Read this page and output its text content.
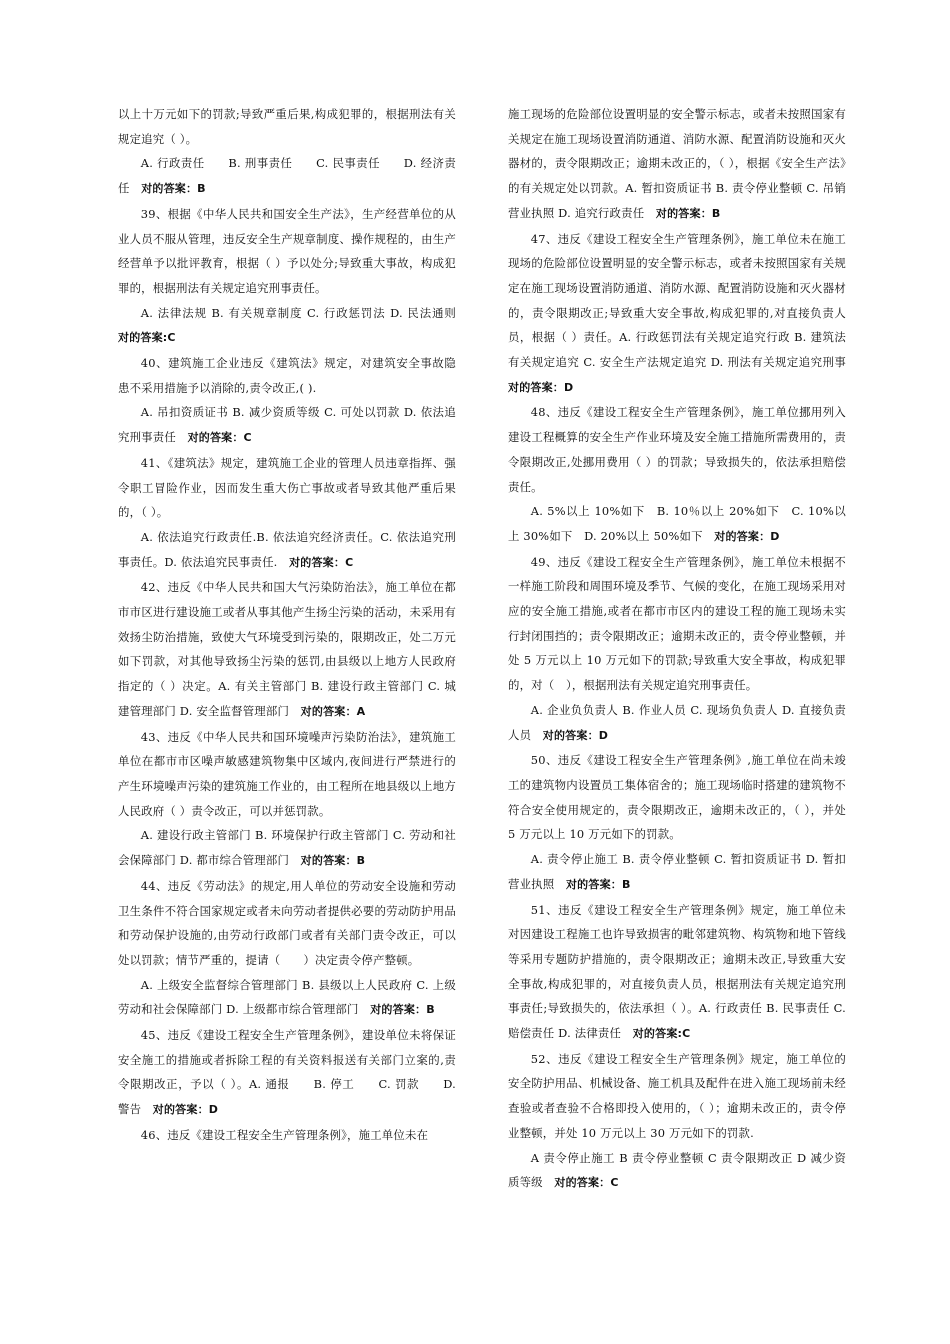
以上十万元如下的罚款;导致严重后果,构成犯罪的，根据刑法有关规定追究（ ）。

A. 行政责任　　B. 刑事责任　　C. 民事责任　　D. 经济责任　 对的答案：B

39、根据《中华人民共和国安全生产法》，生产经营单位的从业人员不服从管理，违反安全生产规章制度、操作规程的，由生产经营单予以批评教育，根据（ ）予以处分;导致重大事故，构成犯罪的，根据刑法有关规定追究刑事责任。

A. 法律法规 B. 有关规章制度 C. 行政惩罚法 D. 民法通则　对的答案:C

40、建筑施工企业违反《建筑法》规定，对建筑安全事故隐患不采用措施予以消除的,责令改正,( ).

A. 吊扣资质证书 B. 减少资质等级 C. 可处以罚款 D. 依法追究刑事责任　 对的答案：C

41、《建筑法》规定，建筑施工企业的管理人员违章指挥、强令职工冒险作业，因而发生重大伤亡事故或者导致其他严重后果的，（ ）。

A. 依法追究行政责任.B. 依法追究经济责任。C. 依法追究刑事责任。D. 依法追究民事责任.　 对的答案：C

42、违反《中华人民共和国大气污染防治法》，施工单位在都市市区进行建设施工或者从事其他产生扬尘污染的活动，未采用有效扬尘防治措施，致使大气环境受到污染的，限期改正，处二万元如下罚款，对其他导致扬尘污染的惩罚,由县级以上地方人民政府指定的（ ）决定。A. 有关主管部门 B. 建设行政主管部门 C. 城建管理部门 D. 安全监督管理部门　 对的答案：A

43、违反《中华人民共和国环境噪声污染防治法》，建筑施工单位在都市市区噪声敏感建筑物集中区域内,夜间进行严禁进行的产生环境噪声污染的建筑施工作业的，由工程所在地县级以上地方人民政府（ ）责令改正，可以并惩罚款。

A. 建设行政主管部门 B. 环境保护行政主管部门 C. 劳动和社会保障部门 D. 都市综合管理部门　 对的答案：B

44、违反《劳动法》的规定,用人单位的劳动安全设施和劳动卫生条件不符合国家规定或者未向劳动者提供必要的劳动防护用品和劳动保护设施的,由劳动行政部门或者有关部门责令改正，可以处以罚款；情节严重的，提请（　　）决定责令停产整顿。

A. 上级安全监督综合管理部门 B. 县级以上人民政府 C. 上级劳动和社会保障部门 D. 上级都市综合管理部门　 对的答案：B

45、违反《建设工程安全生产管理条例》，建设单位未将保证安全施工的措施或者拆除工程的有关资料报送有关部门立案的,责令限期改正，予以（ ）。A. 通报　　B. 停工　　C. 罚款　　D. 警告　 对的答案：D

46、违反《建设工程安全生产管理条例》，施工单位未在

施工现场的危险部位设置明显的安全警示标志，或者未按照国家有关规定在施工现场设置消防通道、消防水源、配置消防设施和灭火器材的，责令限期改正；逾期未改正的，（ ），根据《安全生产法》的有关规定处以罚款。A. 暂扣资质证书 B. 责令停业整顿 C. 吊销营业执照 D. 追究行政责任　 对的答案：B

47、违反《建设工程安全生产管理条例》，施工单位未在施工现场的危险部位设置明显的安全警示标志，或者未按照国家有关规定在施工现场设置消防通道、消防水源、配置消防设施和灭火器材的，责令限期改正;导致重大安全事故,构成犯罪的,对直接负责人员，根据（ ）责任。A. 行政惩罚法有关规定追究行政 B. 建筑法有关规定追究 C. 安全生产法规定追究 D. 刑法有关规定追究刑事　对的答案：D

48、违反《建设工程安全生产管理条例》，施工单位挪用列入建设工程概算的安全生产作业环境及安全施工措施所需费用的，责令限期改正,处挪用费用（ ）的罚款；导致损失的，依法承担赔偿责任。

A. 5%以上 10%如下　B. 10％以上 20%如下　C. 10%以上 30%如下　D. 20%以上 50%如下　 对的答案：D

49、违反《建设工程安全生产管理条例》，施工单位未根据不一样施工阶段和周围环境及季节、气候的变化，在施工现场采用对应的安全施工措施,或者在都市市区内的建设工程的施工现场未实行封闭围挡的；责令限期改正；逾期未改正的，责令停业整顿，并处 5 万元以上 10 万元如下的罚款;导致重大安全事故，构成犯罪的，对（　），根据刑法有关规定追究刑事责任。

A. 企业负负责人 B. 作业人员 C. 现场负负责人 D. 直接负责人员　 对的答案：D

50、违反《建设工程安全生产管理条例》,施工单位在尚未竣工的建筑物内设置员工集体宿舍的；施工现场临时搭建的建筑物不符合安全使用规定的，责令限期改正，逾期未改正的，（ ），并处 5 万元以上 10 万元如下的罚款。

A. 责令停止施工 B. 责令停业整顿 C. 暂扣资质证书 D. 暂扣营业执照　 对的答案：B

51、违反《建设工程安全生产管理条例》规定，施工单位未对因建设工程施工也许导致损害的毗邻建筑物、构筑物和地下管线等采用专题防护措施的，责令限期改正；逾期未改正,导致重大安全事故,构成犯罪的，对直接负责人员，根据刑法有关规定追究刑事责任;导致损失的，依法承担（ ）。A. 行政责任 B. 民事责任 C. 赔偿责任 D. 法律责任　 对的答案:C

52、违反《建设工程安全生产管理条例》规定，施工单位的安全防护用品、机械设备、施工机具及配件在进入施工现场前未经查验或者查验不合格即投入使用的，（ ）；逾期未改正的，责令停业整顿，并处 10 万元以上 30 万元如下的罚款.

A 责令停止施工 B 责令停业整顿 C 责令限期改正 D 减少资质等级　 对的答案：C
